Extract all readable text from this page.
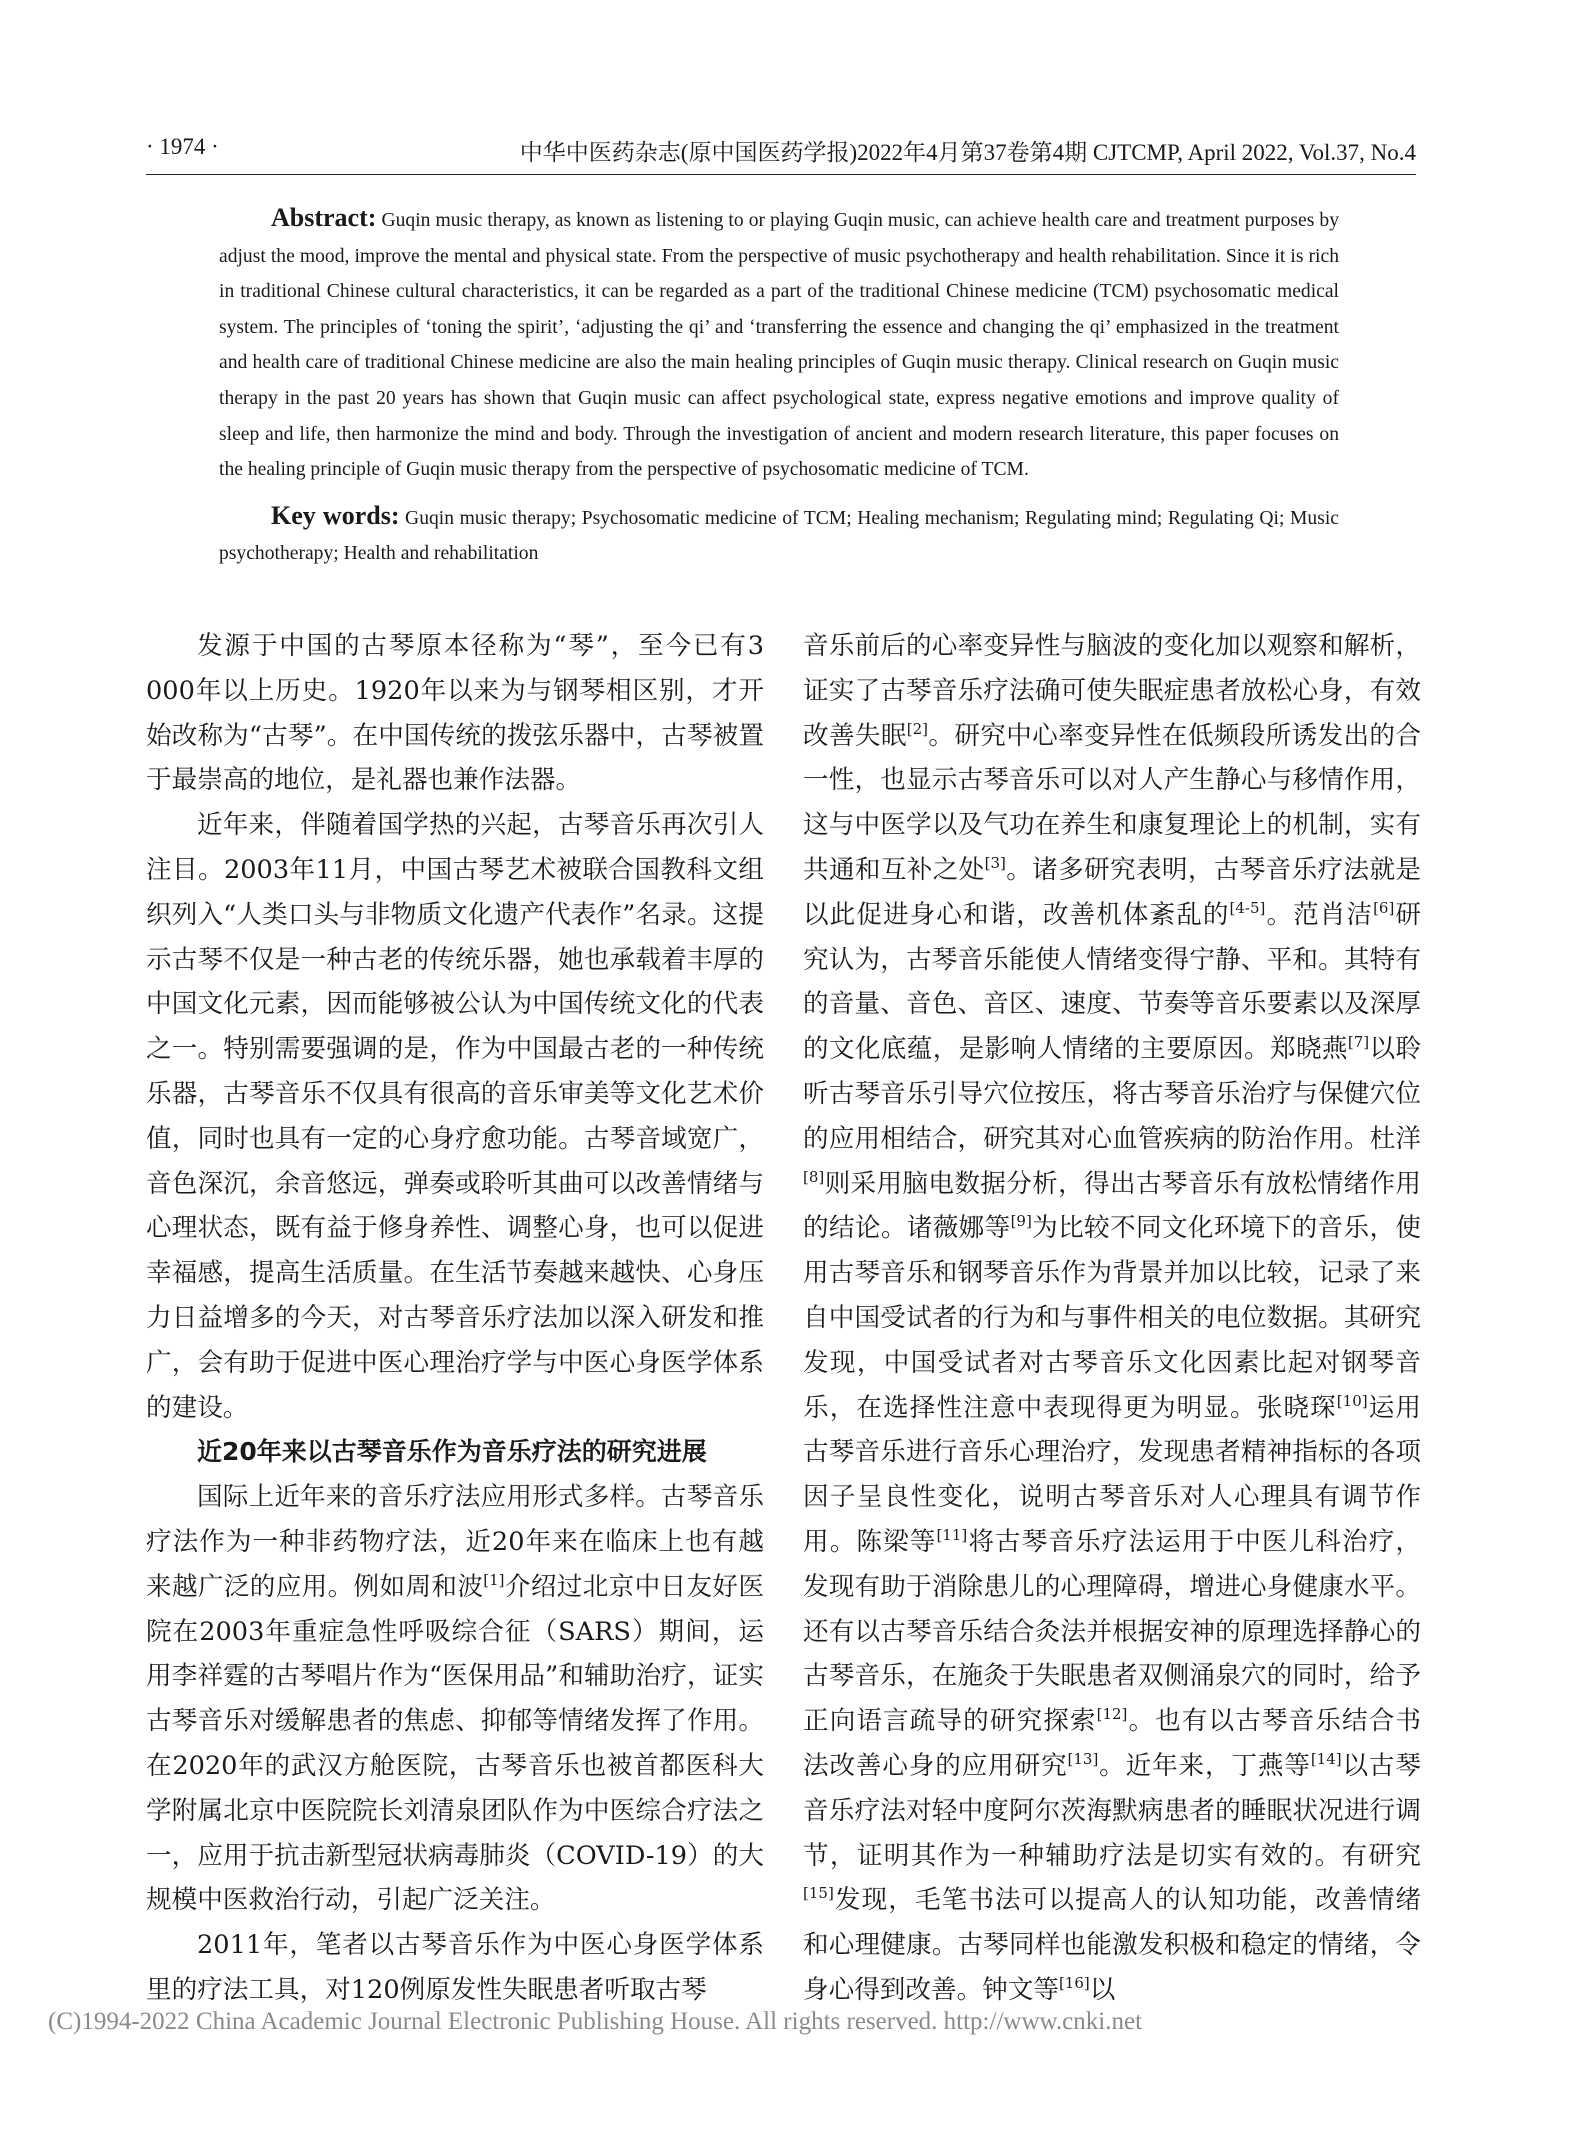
· 1974 ·	中华中医药杂志(原中国医药学报)2022年4月第37卷第4期 CJTCMP, April 2022, Vol.37, No.4
Abstract: Guqin music therapy, as known as listening to or playing Guqin music, can achieve health care and treatment purposes by adjust the mood, improve the mental and physical state. From the perspective of music psychotherapy and health rehabilitation. Since it is rich in traditional Chinese cultural characteristics, it can be regarded as a part of the traditional Chinese medicine (TCM) psychosomatic medical system. The principles of ‘toning the spirit’, ‘adjusting the qi’ and ‘transferring the essence and changing the qi’ emphasized in the treatment and health care of traditional Chinese medicine are also the main healing principles of Guqin music therapy. Clinical research on Guqin music therapy in the past 20 years has shown that Guqin music can affect psychological state, express negative emotions and improve quality of sleep and life, then harmonize the mind and body. Through the investigation of ancient and modern research literature, this paper focuses on the healing principle of Guqin music therapy from the perspective of psychosomatic medicine of TCM.
Key words: Guqin music therapy; Psychosomatic medicine of TCM; Healing mechanism; Regulating mind; Regulating Qi; Music psychotherapy; Health and rehabilitation

发源于中国的古琴原本径称为“琴”，至今已有3 000年以上历史。1920年以来为与钢琴相区别，才开始改称为“古琴”。在中国传统的拨弦乐器中，古琴被置于最崇高的地位，是礼器也兼作法器。

近年来，伴随着国学热的兴起，古琴音乐再次引人注目。2003年11月，中国古琴艺术被联合国教科文组织列入“人类口头与非物质文化遗产代表作”名录。这提示古琴不仅是一种古老的传统乐器，她也承载着丰厚的中国文化元素，因而能够被公认为中国传统文化的代表之一。特别需要强调的是，作为中国最古老的一种传统乐器，古琴音乐不仅具有很高的音乐审美等文化艺术价值，同时也具有一定的心身疗愈功能。古琴音域宽广，音色深沉，余音悠远，弹奏或聆听其曲可以改善情绪与心理状态，既有益于修身养性、调整心身，也可以促进幸福感，提高生活质量。在生活节奏越来越快、心身压力日益增多的今天，对古琴音乐疗法加以深入研发和推广，会有助于促进中医心理治疗学与中医心身医学体系的建设。

近20年来以古琴音乐作为音乐疗法的研究进展

国际上近年来的音乐疗法应用形式多样。古琴音乐疗法作为一种非药物疗法，近20年来在临床上也有越来越广泛的应用。例如周和波[1]介绍过北京中日友好医院在2003年重症急性呼吸综合征（SARS）期间，运用李祥霆的古琴唱片作为“医保用品”和辅助治疗，证实古琴音乐对缓解患者的焦虑、抑郁等情绪发挥了作用。在2020年的武汉方舱医院，古琴音乐也被首都医科大学附属北京中医院院长刘清泉团队作为中医综合疗法之一，应用于抗击新型冠状病毒肺炎（COVID-19）的大规模中医救治行动，引起广泛关注。

2011年，笔者以古琴音乐作为中医心身医学体系里的疗法工具，对120例原发性失眠患者听取古琴

音乐前后的心率变异性与脑波的变化加以观察和解析，证实了古琴音乐疗法确可使失眠症患者放松心身，有效改善失眠[2]。研究中心率变异性在低频段所诱发出的合一性，也显示古琴音乐可以对人产生静心与移情作用，这与中医学以及气功在养生和康复理论上的机制，实有共通和互补之处[3]。诸多研究表明，古琴音乐疗法就是以此促进身心和谐，改善机体紊乱的[4-5]。范肖洁[6]研究认为，古琴音乐能使人情绪变得宁静、平和。其特有的音量、音色、音区、速度、节奏等音乐要素以及深厚的文化底蕴，是影响人情绪的主要原因。郑晓燕[7]以聆听古琴音乐引导穴位按压，将古琴音乐治疗与保健穴位的应用相结合，研究其对心血管疾病的防治作用。杜洋[8]则采用脑电数据分析，得出古琴音乐有放松情绪作用的结论。诸薇娜等[9]为比较不同文化环境下的音乐，使用古琴音乐和钢琴音乐作为背景并加以比较，记录了来自中国受试者的行为和与事件相关的电位数据。其研究发现，中国受试者对古琴音乐文化因素比起对钢琴音乐，在选择性注意中表现得更为明显。张晓琛[10]运用古琴音乐进行音乐心理治疗，发现患者精神指标的各项因子呈良性变化，说明古琴音乐对人心理具有调节作用。陈梁等[11]将古琴音乐疗法运用于中医儿科治疗，发现有助于消除患儿的心理障碍，增进心身健康水平。还有以古琴音乐结合灸法并根据安神的原理选择静心的古琴音乐，在施灸于失眠患者双侧涌泉穴的同时，给予正向语言疏导的研究探索[12]。也有以古琴音乐结合书法改善心身的应用研究[13]。近年来，丁燕等[14]以古琴音乐疗法对轻中度阿尔茨海默病患者的睡眠状况进行调节，证明其作为一种辅助疗法是切实有效的。有研究[15]发现，毛笔书法可以提高人的认知功能，改善情绪和心理健康。古琴同样也能激发积极和稳定的情绪，令身心得到改善。钟文等[16]以

(C)1994-2022 China Academic Journal Electronic Publishing House. All rights reserved. http://www.cnki.net
